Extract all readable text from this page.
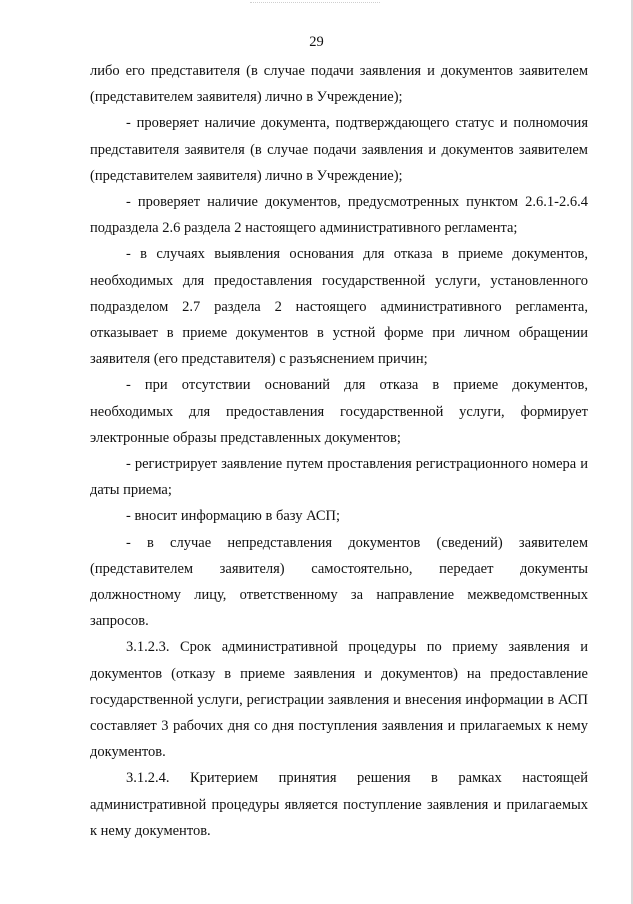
29

либо его представителя (в случае подачи заявления и документов заявителем (представителем заявителя) лично в Учреждение);

- проверяет наличие документа, подтверждающего статус и полномочия представителя заявителя (в случае подачи заявления и документов заявителем (представителем заявителя) лично в Учреждение);

- проверяет наличие документов, предусмотренных пунктом 2.6.1-2.6.4 подраздела 2.6 раздела 2 настоящего административного регламента;

- в случаях выявления основания для отказа в приеме документов, необходимых для предоставления государственной услуги, установленного подразделом 2.7 раздела 2 настоящего административного регламента, отказывает в приеме документов в устной форме при личном обращении заявителя (его представителя) с разъяснением причин;

- при отсутствии оснований для отказа в приеме документов, необходимых для предоставления государственной услуги, формирует электронные образы представленных документов;

- регистрирует заявление путем проставления регистрационного номера и даты приема;

- вносит информацию в базу АСП;

- в случае непредставления документов (сведений) заявителем (представителем заявителя) самостоятельно, передает документы должностному лицу, ответственному за направление межведомственных запросов.

3.1.2.3. Срок административной процедуры по приему заявления и документов (отказу в приеме заявления и документов) на предоставление государственной услуги, регистрации заявления и внесения информации в АСП составляет 3 рабочих дня со дня поступления заявления и прилагаемых к нему документов.

3.1.2.4. Критерием принятия решения в рамках настоящей административной процедуры является поступление заявления и прилагаемых к нему документов.
